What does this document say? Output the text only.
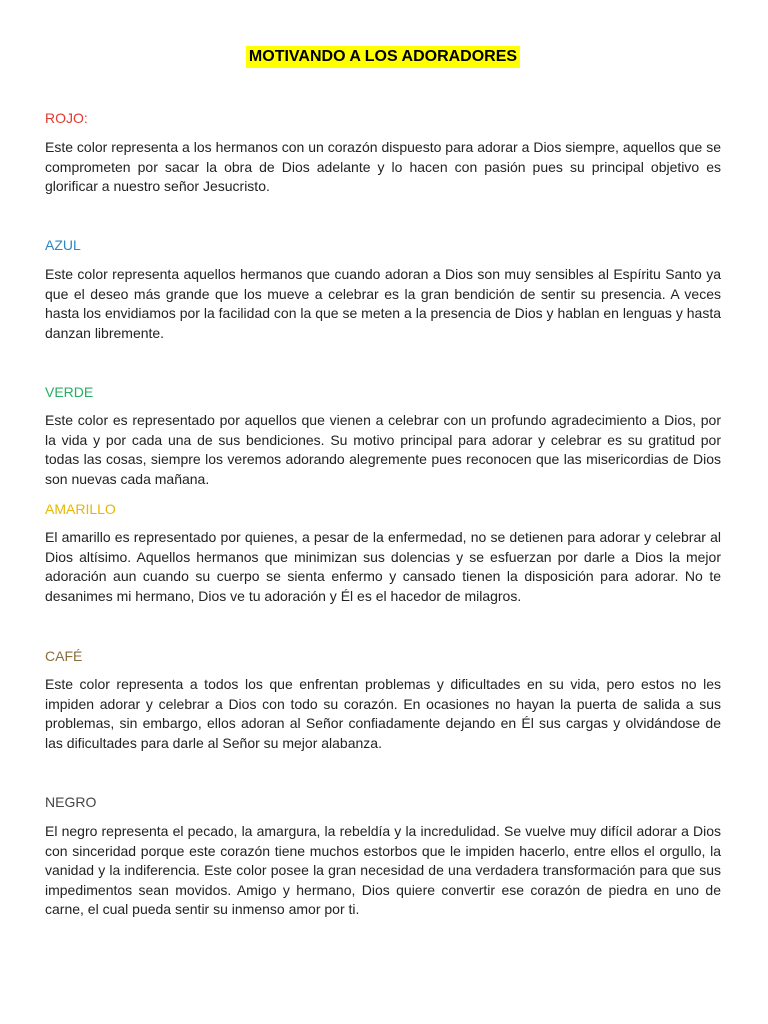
MOTIVANDO A LOS ADORADORES

ROJO:

Este color representa a los hermanos con un corazón dispuesto para adorar a Dios siempre, aquellos que se comprometen por sacar la obra de Dios adelante y lo hacen con pasión pues su principal objetivo es glorificar a nuestro señor Jesucristo.

AZUL

Este color representa aquellos hermanos que cuando adoran a Dios son muy sensibles al Espíritu Santo ya que el deseo más grande que los mueve a celebrar es la gran bendición de sentir su presencia. A veces hasta los envidiamos por la facilidad con la que se meten a la presencia de Dios y hablan en lenguas y hasta danzan libremente.

VERDE

Este color es representado por aquellos que vienen a celebrar con un profundo agradecimiento a Dios, por la vida y por cada una de sus bendiciones. Su motivo principal para adorar y celebrar es su gratitud por todas las cosas, siempre los veremos adorando alegremente pues reconocen que las misericordias de Dios son nuevas cada mañana.

AMARILLO

El amarillo es representado por quienes, a pesar de la enfermedad, no se detienen para adorar y celebrar al Dios altísimo. Aquellos hermanos que minimizan sus dolencias y se esfuerzan por darle a Dios la mejor adoración aun cuando su cuerpo se sienta enfermo y cansado tienen la disposición para adorar. No te desanimes mi hermano, Dios ve tu adoración y Él es el hacedor de milagros.

CAFÉ

Este color representa a todos los que enfrentan problemas y dificultades en su vida, pero estos no les impiden adorar y celebrar a Dios con todo su corazón. En ocasiones no hayan la puerta de salida a sus problemas, sin embargo, ellos adoran al Señor confiadamente dejando en Él sus cargas y olvidándose de las dificultades para darle al Señor su mejor alabanza.

NEGRO

El negro representa el pecado, la amargura, la rebeldía y la incredulidad. Se vuelve muy difícil adorar a Dios con sinceridad porque este corazón tiene muchos estorbos que le impiden hacerlo, entre ellos el orgullo, la vanidad y la indiferencia. Este color posee la gran necesidad de una verdadera transformación para que sus impedimentos sean movidos. Amigo y hermano, Dios quiere convertir ese corazón de piedra en uno de carne, el cual pueda sentir su inmenso amor por ti.
